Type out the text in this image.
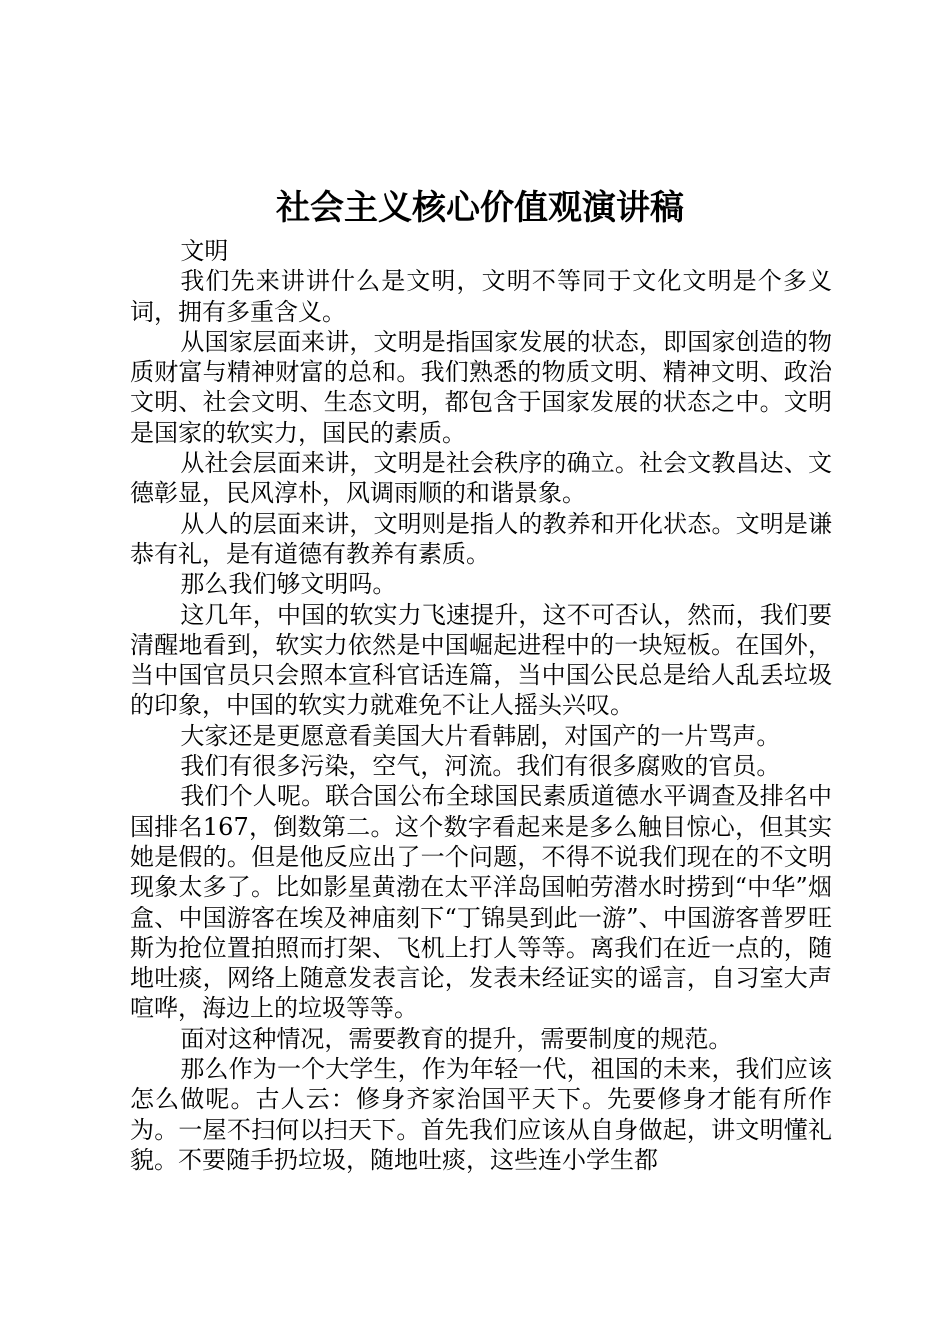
社会主义核心价值观演讲稿

文明

我们先来讲讲什么是文明，文明不等同于文化文明是个多义词，拥有多重含义。

从国家层面来讲，文明是指国家发展的状态，即国家创造的物质财富与精神财富的总和。我们熟悉的物质文明、精神文明、政治文明、社会文明、生态文明，都包含于国家发展的状态之中。文明是国家的软实力，国民的素质。

从社会层面来讲，文明是社会秩序的确立。社会文教昌达、文德彰显，民风淳朴，风调雨顺的和谐景象。

从人的层面来讲，文明则是指人的教养和开化状态。文明是谦恭有礼，是有道德有教养有素质。

那么我们够文明吗。

这几年，中国的软实力飞速提升，这不可否认，然而，我们要清醒地看到，软实力依然是中国崛起进程中的一块短板。在国外，当中国官员只会照本宣科官话连篇，当中国公民总是给人乱丢垃圾的印象，中国的软实力就难免不让人摇头兴叹。

大家还是更愿意看美国大片看韩剧，对国产的一片骂声。

我们有很多污染，空气，河流。我们有很多腐败的官员。

我们个人呢。联合国公布全球国民素质道德水平调查及排名中国排名167，倒数第二。这个数字看起来是多么触目惊心，但其实她是假的。但是他反应出了一个问题，不得不说我们现在的不文明现象太多了。比如影星黄渤在太平洋岛国帕劳潜水时捞到“中华”烟盒、中国游客在埃及神庙刻下“丁锦昊到此一游”、中国游客普罗旺斯为抢位置拍照而打架、飞机上打人等等。离我们在近一点的，随地吐痰，网络上随意发表言论，发表未经证实的谣言，自习室大声喧哗，海边上的垃圾等等。

面对这种情况，需要教育的提升，需要制度的规范。

那么作为一个大学生，作为年轻一代，祖国的未来，我们应该怎么做呢。古人云：修身齐家治国平天下。先要修身才能有所作为。一屋不扫何以扫天下。首先我们应该从自身做起，讲文明懂礼貌。不要随手扔垃圾，随地吐痰，这些连小学生都
